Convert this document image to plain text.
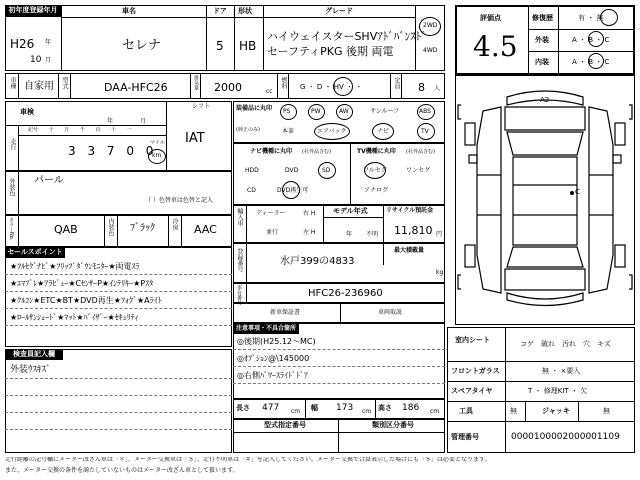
初年度登録年月	車名	ドア 形状	グレード
H26 年
10 月
セレナ	5 HB
ハイウェイスターSHVｱﾄﾞﾊﾞﾝｽﾄﾞ
セーフティPKG 後期 両電
2WD
4WD
評価点
4.5
修復歴	有 ・ 無
外装	A ・ B ・ C
内装	A ・ B ・ C
車種 自家用 型式	DAA-HFC26	排気量 2000	cc
燃料 G ・ D ・ HV ・ ・	定員 8 人
車検
年	月
シフト
IAT
走行
記号 十 万 千 百 十 一
3 3 7 0 0
マイル
km
外装色 パール
（ ）色替車は色替と記入
カラーNo.	QAB	内装色 ﾌﾞﾗｯｸ	冷房 AAC
装備品に丸印
(純正のみ)
PS	PW	AW	サンルーフ	ABS
本革	エアバック	ナビ	TV
ナビ機種に丸印 (社外品含む)
HDD	DVD	SD
CD	DVD再生可
TV機種に丸印 (社外品含む)
フルセグ	ワンセグ
アナログ
輸入車 ディーラー
並行
右 H
左 H
モデル年式
年 不明
リサイクル預託金
11,810 円
登録番号	水戸399の4833
最大積載量
kg
車台番号	HFC26-236960
新車保証書	車両取説
セールスポイント
★ﾌﾙｾｸﾞﾅﾋﾞ★ﾌﾘｯﾌﾟﾀﾞｳﾝﾓﾆﾀｰ★両電ｽﾗ
★ｴﾏﾌﾞﾚ★ｱﾗﾋﾞｭｰ★CｾﾝｻｰP★ｲﾝﾃﾘｷｰ★Pｽﾀ
★ｸﾙｺﾝ★ETC★BT★DVD再生★ﾌｫｸﾞ★Aﾗｲﾄ
★ﾛｰﾙｻﾝｼｪｰﾄﾞ★ﾏｯﾄ★ﾊﾞｲｻﾞｰ★ｾｷｭﾘﾃｨ
検査員記入欄
外装ｳｽｷｽﾞ
注意事項・不具合箇所
◎後期(H25.12～MC)
◎ｵﾌﾟｼｮﾝ@\145000
◎右側ﾊﾟﾜｰｽﾗｲﾄﾞﾄﾞｱ
長さ 477 cm 幅 173 cm 高さ 186 cm
型式指定番号	類別区分番号
A2
C
室内シート	コゲ　破れ　汚れ　穴　キズ
フロントガラス	無 ・ ×要入
スペアタイヤ	T ・ 修理KIT ・ 欠
工具	無	ジャッキ	無
管理番号	0000100002000001109
走行距離の記号欄にメーター改ざん車は「＊」、メーター交換車は「＄」、走行不明車は「＃」を記入してください。メーター交換で合算表示した場合にも「＄」は必要となります。
また、メーター交換の条件を満たしていないものはメーター改ざん車として扱います。
